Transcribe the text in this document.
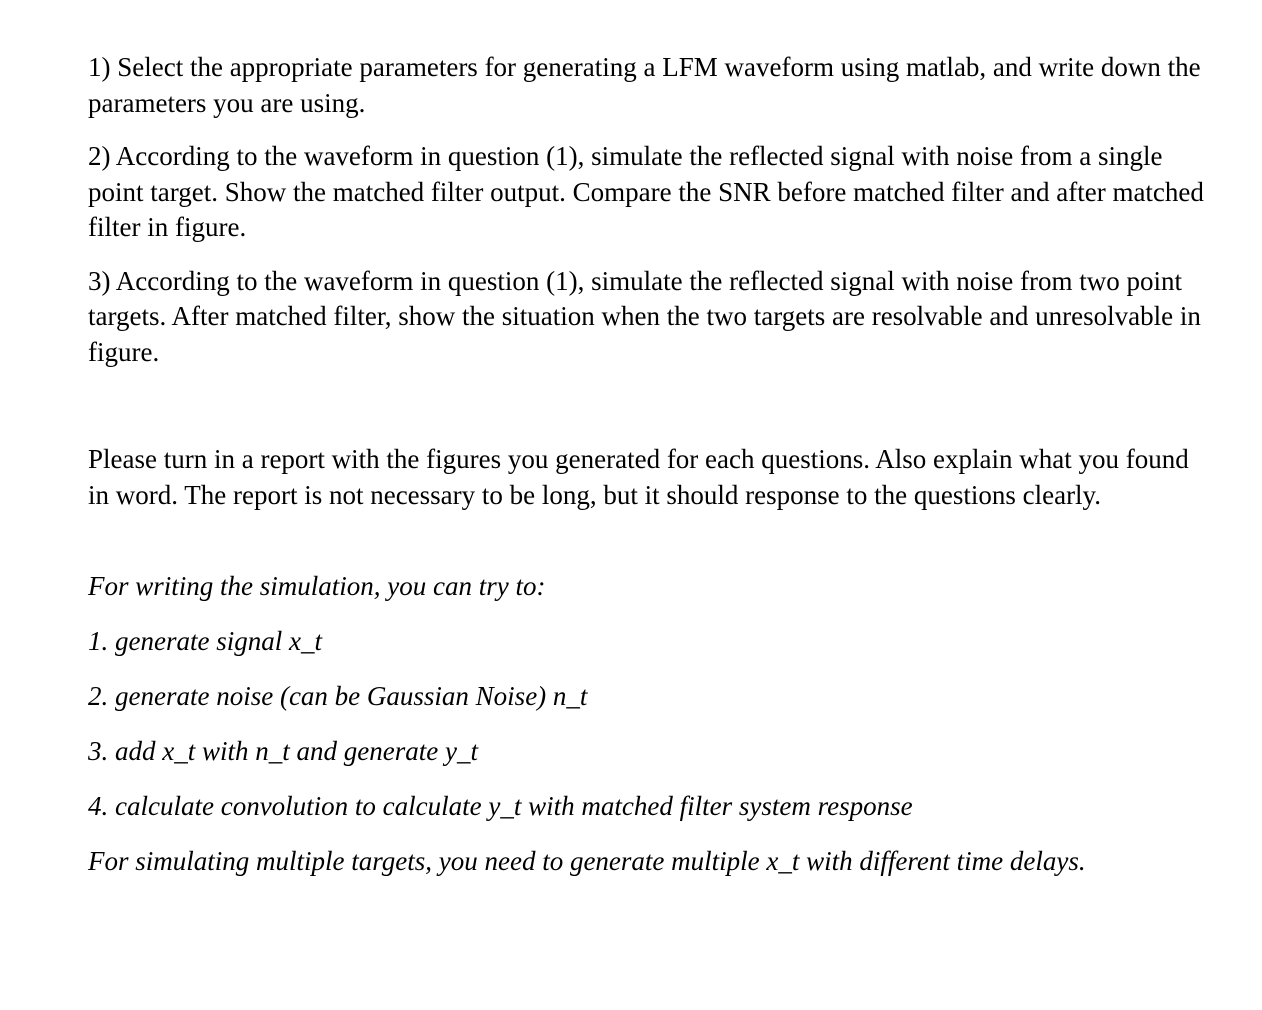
1) Select the appropriate parameters for generating a LFM waveform using matlab, and write down the parameters you are using.

2) According to the waveform in question (1), simulate the reflected signal with noise from a single point target. Show the matched filter output. Compare the SNR before matched filter and after matched filter in figure.

3) According to the waveform in question (1), simulate the reflected signal with noise from two point targets. After matched filter, show the situation when the two targets are resolvable and unresolvable in figure.

Please turn in a report with the figures you generated for each questions. Also explain what you found in word. The report is not necessary to be long, but it should response to the questions clearly.

For writing the simulation, you can try to:

1. generate signal x_t

2. generate noise (can be Gaussian Noise) n_t

3. add x_t with n_t and generate y_t

4. calculate convolution to calculate y_t with matched filter system response

For simulating multiple targets, you need to generate multiple x_t with different time delays.
